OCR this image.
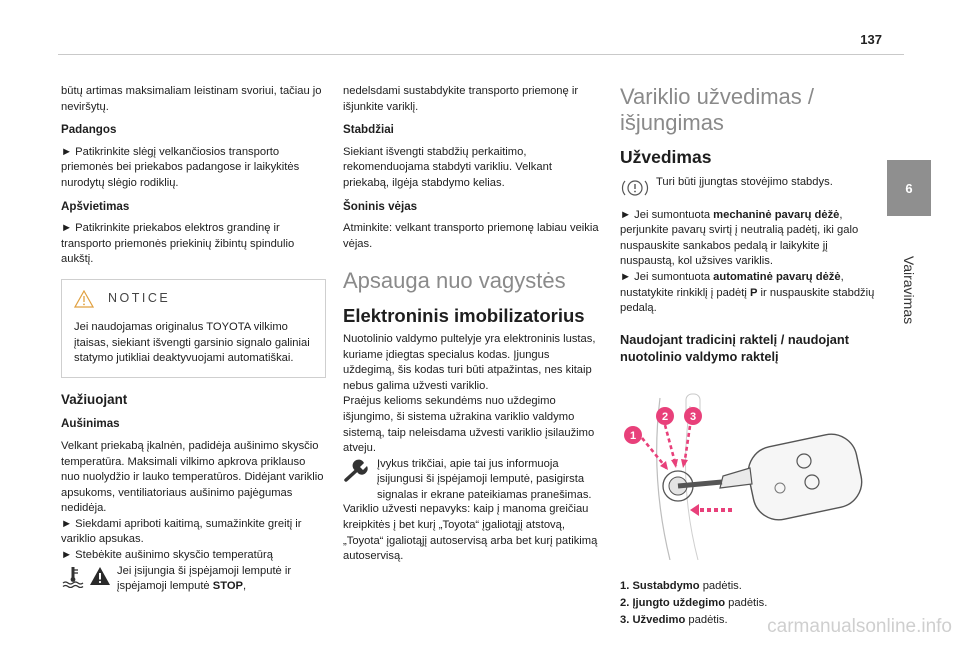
137
6
Vairavimas

būtų artimas maksimaliam leistinam svoriui, tačiau jo neviršytų.

Padangos

► Patikrinkite slėgį velkančiosios transporto priemonės bei priekabos padangose ir laikykitės nurodytų slėgio rodiklių.

Apšvietimas

► Patikrinkite priekabos elektros grandinę ir transporto priemonės priekinių žibintų spindulio aukštį.

NOTICE

Jei naudojamas originalus TOYOTA vilkimo įtaisas, siekiant išvengti garsinio signalo galiniai statymo jutikliai deaktyvuojami automatiškai.

Važiuojant
Aušinimas

Velkant priekabą įkalnėn, padidėja aušinimo skysčio temperatūra. Maksimali vilkimo apkrova priklauso nuo nuolydžio ir lauko temperatūros. Didėjant variklio apsukoms, ventiliatoriaus aušinimo pajėgumas nedidėja.

► Siekdami apriboti kaitimą, sumažinkite greitį ir variklio apsukas.

► Stebėkite aušinimo skysčio temperatūrą

Jei įsijungia ši įspėjamoji lemputė ir įspėjamoji lemputė STOP,

nedelsdami sustabdykite transporto priemonę ir išjunkite variklį.

Stabdžiai

Siekiant išvengti stabdžių perkaitimo, rekomenduojama stabdyti varikliu. Velkant priekabą, ilgėja stabdymo kelias.

Šoninis vėjas

Atminkite: velkant transporto priemonę labiau veikia vėjas.

Apsauga nuo vagystės
Elektroninis imobilizatorius

Nuotolinio valdymo pultelyje yra elektroninis lustas, kuriame įdiegtas specialus kodas. Įjungus uždegimą, šis kodas turi būti atpažintas, nes kitaip nebus galima užvesti variklio.

Praėjus kelioms sekundėms nuo uždegimo išjungimo, ši sistema užrakina variklio valdymo sistemą, taip neleisdama užvesti variklio įsilaužimo atveju.

Įvykus trikčiai, apie tai jus informuoja įsijungusi ši įspėjamoji lemputė, pasigirsta signalas ir ekrane pateikiamas pranešimas.

Variklio užvesti nepavyks: kaip į manoma greičiau kreipkitės į bet kurį „Toyota“ įgaliotąjį atstovą, „Toyota“ įgaliotąjį autoservisą arba bet kurį patikimą autoservisą.

Variklio užvedimas /
išjungimas
Užvedimas
Turi būti įjungtas stovėjimo stabdys.

► Jei sumontuota mechaninė pavarų dėžė, perjunkite pavarų svirtį į neutralią padėtį, iki galo nuspauskite sankabos pedalą ir laikykite jį nuspaustą, kol užsives variklis.

► Jei sumontuota automatinė pavarų dėžė, nustatykite rinkiklį į padėtį P ir nuspauskite stabdžių pedalą.

Naudojant tradicinį raktelį / naudojant nuotolinio valdymo raktelį
1
2 3
1. Sustabdymo padėtis.
2. Įjungto uždegimo padėtis.
3. Užvedimo padėtis.	carmanualsonline.info
